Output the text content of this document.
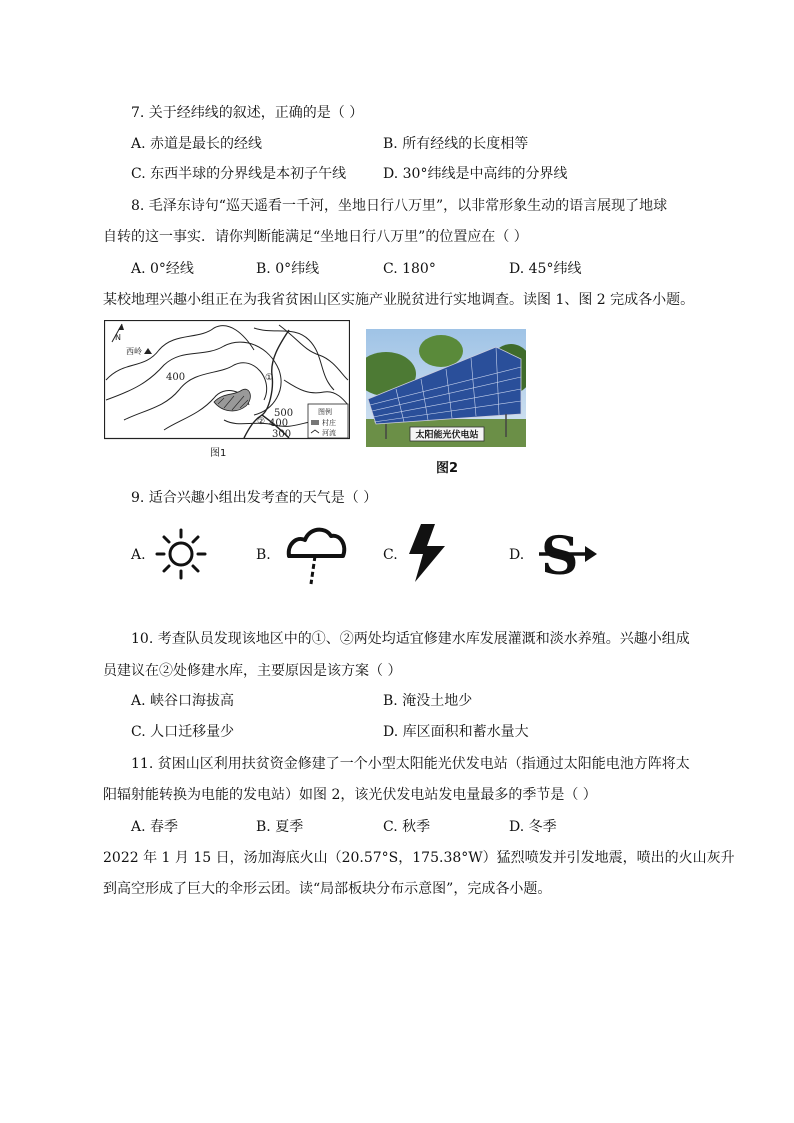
7. 关于经纬线的叙述，正确的是（ ）
A. 赤道是最长的经线	B. 所有经线的长度相等
C. 东西半球的分界线是本初子午线	D. 30°纬线是中高纬的分界线
8. 毛泽东诗句“巡天遥看一千河，坐地日行八万里”，以非常形象生动的语言展现了地球
自转的这一事实．请你判断能满足“坐地日行八万里”的位置应在（ ）
A. 0°经线	B. 0°纬线	C. 180°	D. 45°纬线
某校地理兴趣小组正在为我省贫困山区实施产业脱贫进行实地调查。读图 1、图 2 完成各小题。
N
西岭
400
500
400
300
①
②
图例
村庄
河流
图1
太阳能光伏电站
图2
9. 适合兴趣小组出发考查的天气是（ ）
A.	B.	C.	D. S
10. 考查队员发现该地区中的①、②两处均适宜修建水库发展灌溉和淡水养殖。兴趣小组成
员建议在②处修建水库，主要原因是该方案（ ）
A. 峡谷口海拔高	B. 淹没土地少
C. 人口迁移量少	D. 库区面积和蓄水量大
11. 贫困山区利用扶贫资金修建了一个小型太阳能光伏发电站（指通过太阳能电池方阵将太
阳辐射能转换为电能的发电站）如图 2，该光伏发电站发电量最多的季节是（ ）
A. 春季	B. 夏季	C. 秋季	D. 冬季
2022 年 1 月 15 日，汤加海底火山（20.57°S，175.38°W）猛烈喷发并引发地震，喷出的火山灰升
到高空形成了巨大的伞形云团。读“局部板块分布示意图”，完成各小题。
